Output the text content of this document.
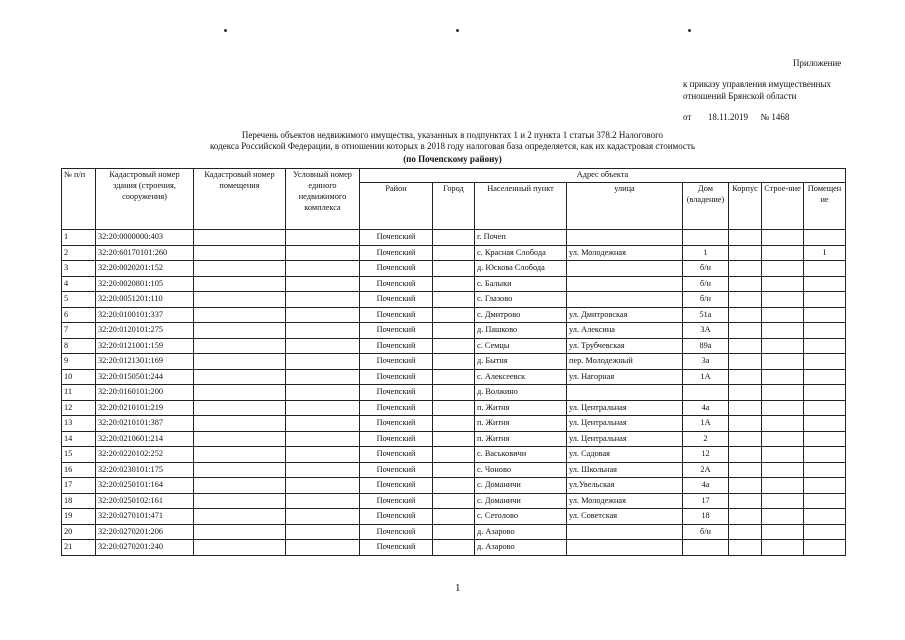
Приложение
к приказу управления имущественных
отношений Брянской области
от 18.11.2019 № 1468
Перечень объектов недвижимого имущества, указанных в подпунктах 1 и 2 пункта 1 статьи 378.2 Налогового
кодекса Российской Федерации, в отношении которых в 2018 году налоговая база определяется, как их кадастровая стоимость
(по Почепскому району)
№ п/п	Кадастровый номер здания (строения, сооружения)	Кадастровый номер помещения	Условный номер единого недвижимого комплекса	Адрес объекта							
				Район	Город	Населенный пункт	улица	Дом (владение)	Корпус	Строе-ние	Помещен ие
1	32:20:0000000:403			Почепский		г. Почеп					
2	32:20:60170101:260			Почепский		с. Красная Слобода	ул. Молодежная	1			I
3	32:20:0020201:152			Почепский		д. Юскова Слобода		б/н			
4	32:20:0020801:105			Почепский		с. Балыки		б/н			
5	32:20:0051201:110			Почепский		с. Глазово		б/н			
6	32:20:0100101:337			Почепский		с. Дмитрово	ул. Дмитровская	51а			
7	32:20:0120101:275			Почепский		д. Пашково	ул. Алексина	3А			
8	32:20:0121001:159			Почепский		с. Семцы	ул. Трубчевская	89а			
9	32:20:0121301:169			Почепский		д. Бытня	пер. Молодежный	3а			
10	32:20:0150501:244			Почепский		с. Алексеевск	ул. Нагорная	1А			
11	32:20:0160101:200			Почепский		д. Волжино					
12	32:20:0210101:219			Почепский		п. Житня	ул. Центральная	4а			
13	32:20:0210101:387			Почепский		п. Житня	ул. Центральная	1А			
14	32:20:0210601:214			Почепский		п. Житня	ул. Центральная	2			
15	32:20:0220102:252			Почепский		с. Васьковичи	ул. Садовая	12			
16	32:20:0230101:175			Почепский		с. Чоново	ул. Школьная	2А			
17	32:20:0250101:164			Почепский		с. Доманичи	ул.Увельская	4а			
18	32:20:0250102:161			Почепский		с. Доманичи	ул. Молодежная	17			
19	32:20:0270101:471			Почепский		с. Сетолово	ул. Советская	18			
20	32:20:0270201:206			Почепский		д. Азарово		б/н			
21	32:20:0270201:240			Почепский		д. Азарово					
1
